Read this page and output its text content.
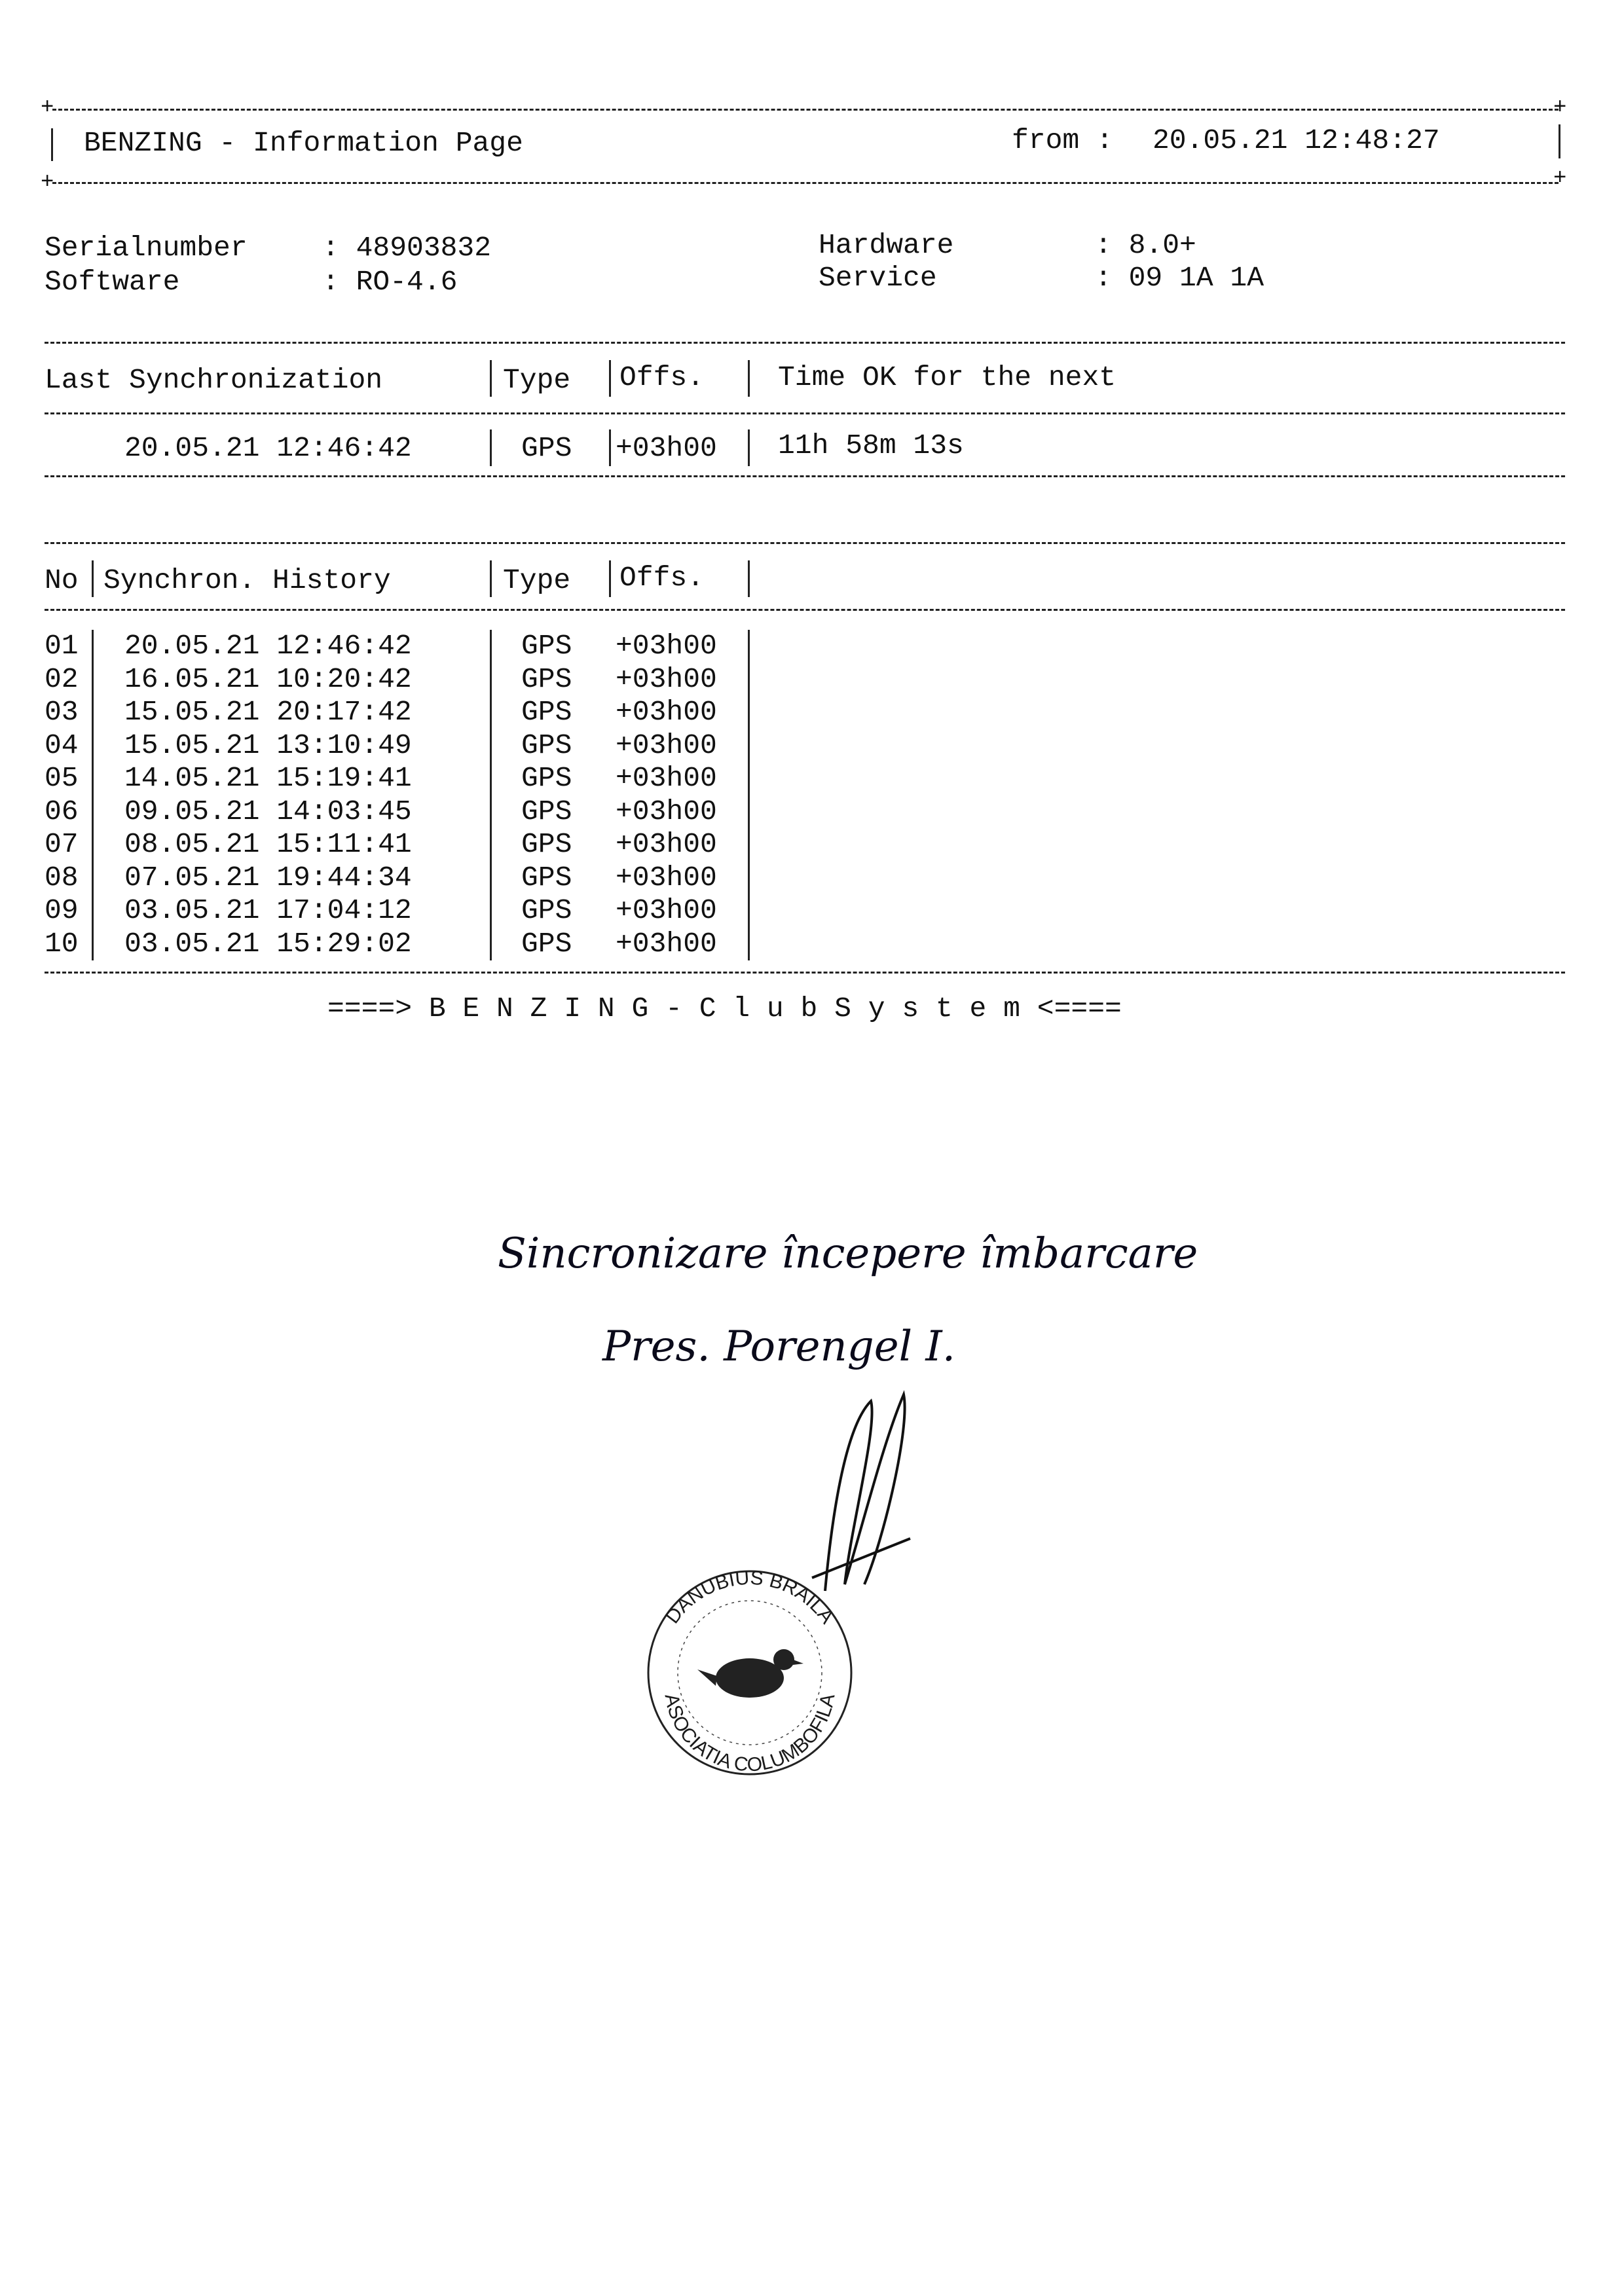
+	+
BENZING - Information Page	from : 20.05.21 12:48:27
+	+
Serialnumber	: 48903832
Software	: RO-4.6
Hardware	: 8.0+
Service	: 09 1A 1A
Last Synchronization	Type Offs.	Time OK for the next
20.05.21 12:46:42	GPS +03h00 11h 58m 13s
No Synchron. History	Type Offs.
01 20.05.21 12:46:42	GPS +03h00
02 16.05.21 10:20:42	GPS +03h00
03 15.05.21 20:17:42	GPS +03h00
04 15.05.21 13:10:49	GPS +03h00
05 14.05.21 15:19:41	GPS +03h00
06 09.05.21 14:03:45	GPS +03h00
07 08.05.21 15:11:41	GPS +03h00
08 07.05.21 19:44:34	GPS +03h00
09 03.05.21 17:04:12	GPS +03h00
10 03.05.21 15:29:02	GPS +03h00
====> B E N Z I N G - C l u b S y s t e m <====
Sincronizare începere îmbarcare
Pres. Porengel I.
DANUBIUS BRAILA
ASOCIATIA COLUMBOFILA
